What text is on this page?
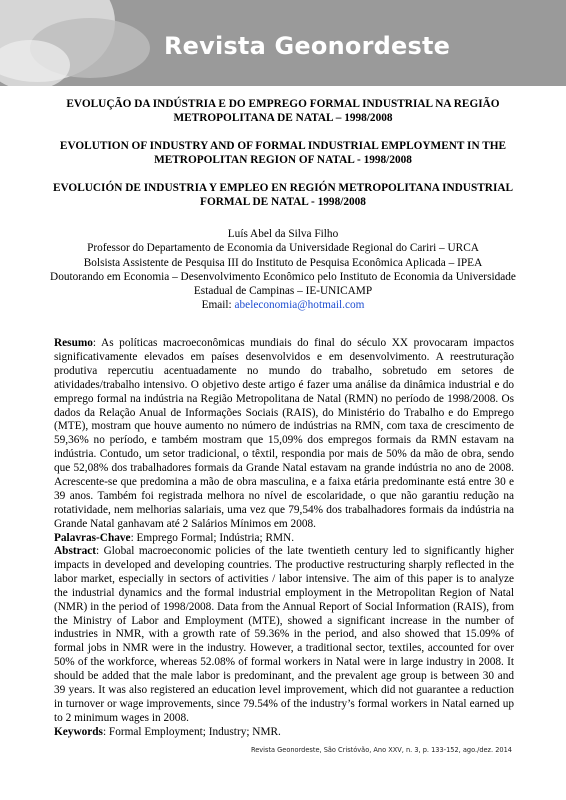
Revista Geonordeste
EVOLUÇÃO DA INDÚSTRIA E DO EMPREGO FORMAL INDUSTRIAL NA REGIÃO METROPOLITANA DE NATAL – 1998/2008
EVOLUTION OF INDUSTRY AND OF FORMAL INDUSTRIAL EMPLOYMENT IN THE METROPOLITAN REGION OF NATAL - 1998/2008
EVOLUCIÓN DE INDUSTRIA Y EMPLEO EN REGIÓN METROPOLITANA INDUSTRIAL FORMAL DE NATAL - 1998/2008
Luís Abel da Silva Filho
Professor do Departamento de Economia da Universidade Regional do Cariri – URCA
Bolsista Assistente de Pesquisa III do Instituto de Pesquisa Econômica Aplicada – IPEA
Doutorando em Economia – Desenvolvimento Econômico pelo Instituto de Economia da Universidade Estadual de Campinas – IE-UNICAMP
Email: abeleconomia@hotmail.com

Resumo: As políticas macroeconômicas mundiais do final do século XX provocaram impactos significativamente elevados em países desenvolvidos e em desenvolvimento. A reestruturação produtiva repercutiu acentuadamente no mundo do trabalho, sobretudo em setores de atividades/trabalho intensivo. O objetivo deste artigo é fazer uma análise da dinâmica industrial e do emprego formal na indústria na Região Metropolitana de Natal (RMN) no período de 1998/2008. Os dados da Relação Anual de Informações Sociais (RAIS), do Ministério do Trabalho e do Emprego (MTE), mostram que houve aumento no número de indústrias na RMN, com taxa de crescimento de 59,36% no período, e também mostram que 15,09% dos empregos formais da RMN estavam na indústria. Contudo, um setor tradicional, o têxtil, respondia por mais de 50% da mão de obra, sendo que 52,08% dos trabalhadores formais da Grande Natal estavam na grande indústria no ano de 2008. Acrescente-se que predomina a mão de obra masculina, e a faixa etária predominante está entre 30 e 39 anos. Também foi registrada melhora no nível de escolaridade, o que não garantiu redução na rotatividade, nem melhorias salariais, uma vez que 79,54% dos trabalhadores formais da indústria na Grande Natal ganhavam até 2 Salários Mínimos em 2008.

Palavras-Chave: Emprego Formal; Indústria; RMN.

Abstract: Global macroeconomic policies of the late twentieth century led to significantly higher impacts in developed and developing countries. The productive restructuring sharply reflected in the labor market, especially in sectors of activities / labor intensive. The aim of this paper is to analyze the industrial dynamics and the formal industrial employment in the Metropolitan Region of Natal (NMR) in the period of 1998/2008. Data from the Annual Report of Social Information (RAIS), from the Ministry of Labor and Employment (MTE), showed a significant increase in the number of industries in NMR, with a growth rate of 59.36% in the period, and also showed that 15.09% of formal jobs in NMR were in the industry. However, a traditional sector, textiles, accounted for over 50% of the workforce, whereas 52.08% of formal workers in Natal were in large industry in 2008. It should be added that the male labor is predominant, and the prevalent age group is between 30 and 39 years. It was also registered an education level improvement, which did not guarantee a reduction in turnover or wage improvements, since 79.54% of the industry’s formal workers in Natal earned up to 2 minimum wages in 2008.

Keywords: Formal Employment; Industry; NMR.

Revista Geonordeste, São Cristóvão, Ano XXV, n. 3, p. 133-152, ago./dez. 2014
